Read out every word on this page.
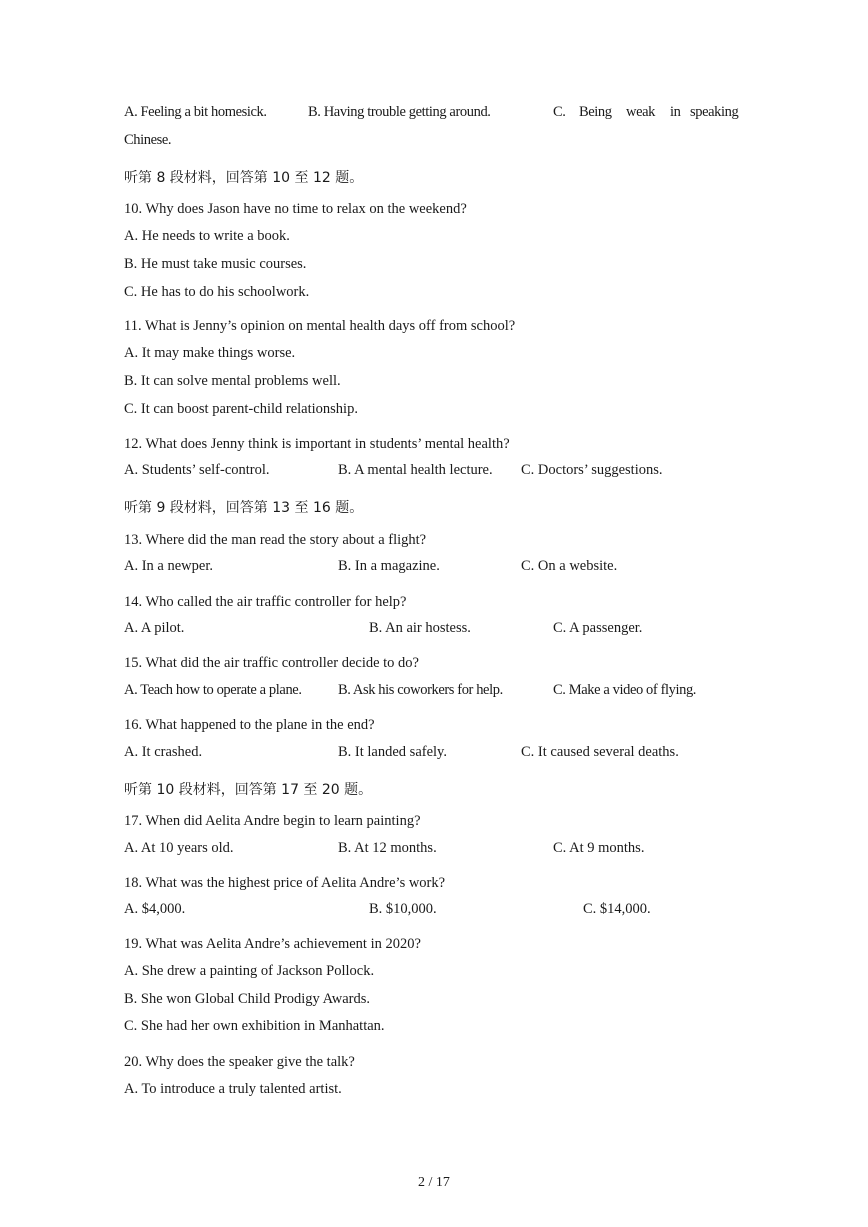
A. Feeling a bit homesick.	B. Having trouble getting around.	C. Being weak in speaking
Chinese.
听第 8 段材料，回答第 10 至 12 题。
10. Why does Jason have no time to relax on the weekend?
A. He needs to write a book.
B. He must take music courses.
C. He has to do his schoolwork.
11. What is Jenny’s opinion on mental health days off from school?
A. It may make things worse.
B. It can solve mental problems well.
C. It can boost parent-child relationship.
12. What does Jenny think is important in students’ mental health?
A. Students’ self-control.	B. A mental health lecture. C. Doctors’ suggestions.
听第 9 段材料，回答第 13 至 16 题。
13. Where did the man read the story about a flight?
A. In a newper.	B. In a magazine.	C. On a website.
14. Who called the air traffic controller for help?
A. A pilot.	B. An air hostess.	C. A passenger.
15. What did the air traffic controller decide to do?
A. Teach how to operate a plane.	B. Ask his coworkers for help.	C. Make a video of flying.
16. What happened to the plane in the end?
A. It crashed.	B. It landed safely.	C. It caused several deaths.
听第 10 段材料，回答第 17 至 20 题。
17. When did Aelita Andre begin to learn painting?
A. At 10 years old.	B. At 12 months.	C. At 9 months.
18. What was the highest price of Aelita Andre’s work?
A. $4,000.	B. $10,000.	C. $14,000.
19. What was Aelita Andre’s achievement in 2020?
A. She drew a painting of Jackson Pollock.
B. She won Global Child Prodigy Awards.
C. She had her own exhibition in Manhattan.
20. Why does the speaker give the talk?
A. To introduce a truly talented artist.
2 / 17
